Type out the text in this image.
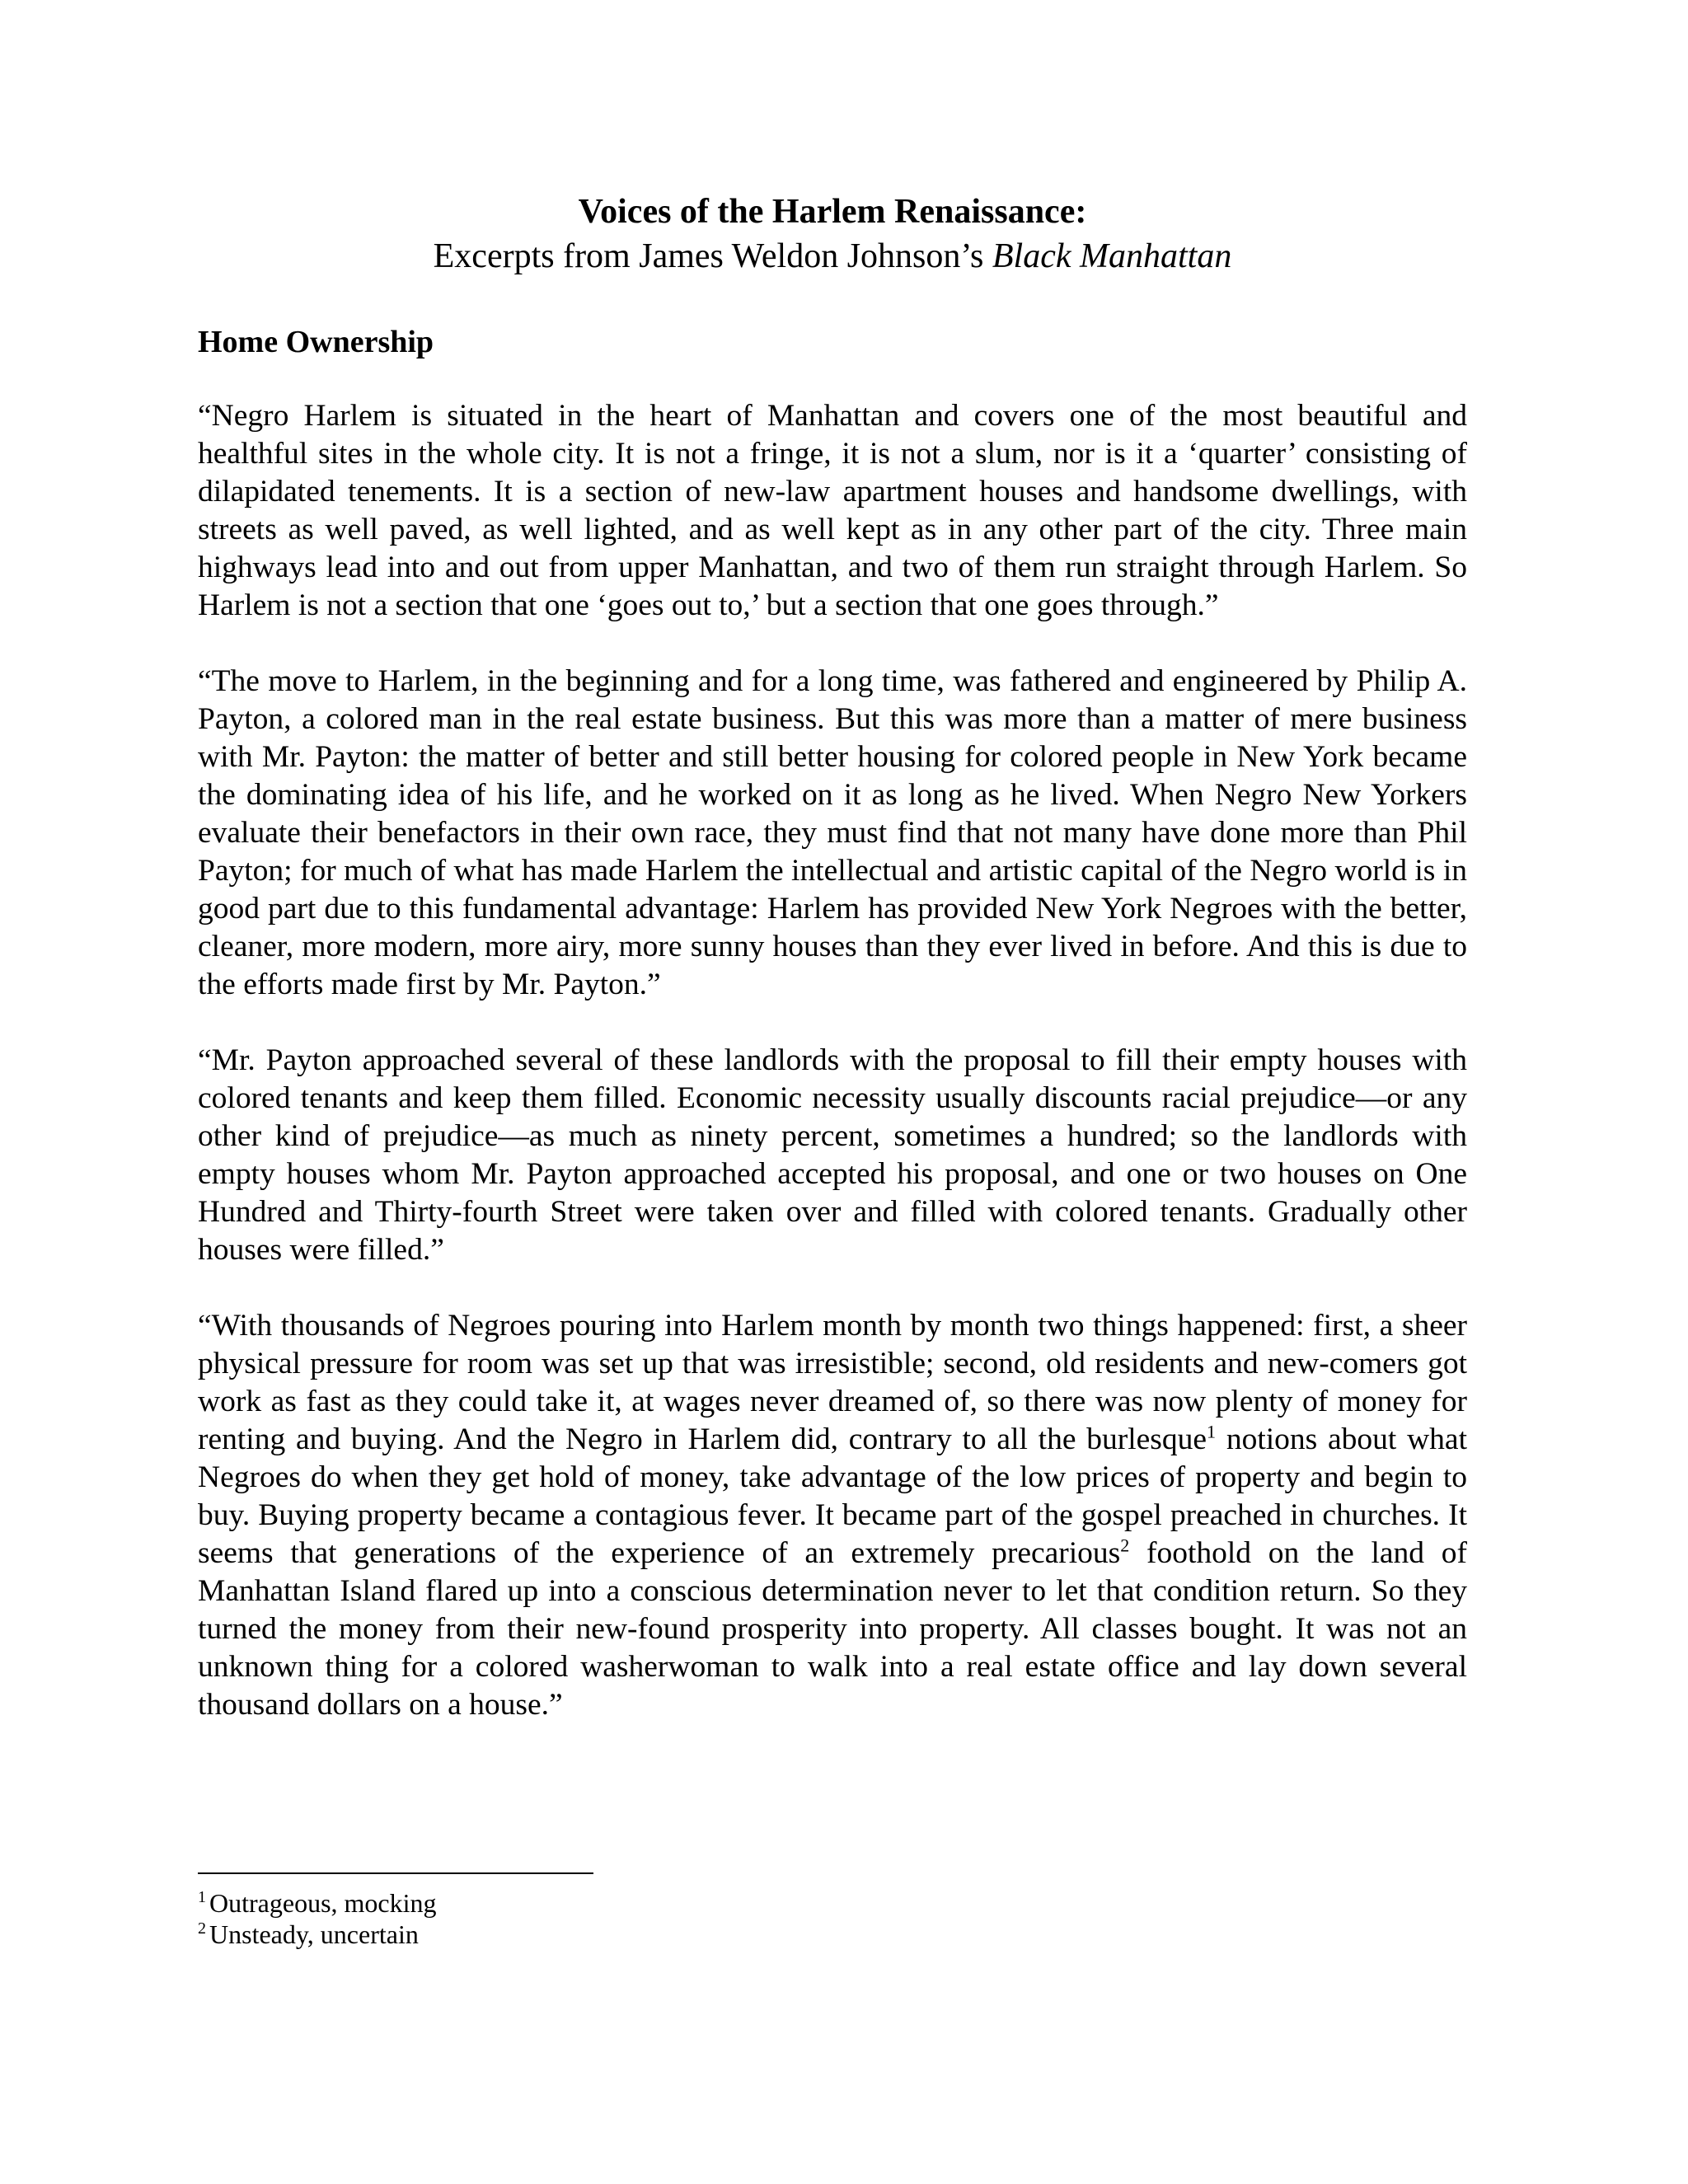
Voices of the Harlem Renaissance:
Excerpts from James Weldon Johnson’s Black Manhattan
Home Ownership

“Negro Harlem is situated in the heart of Manhattan and covers one of the most beautiful and healthful sites in the whole city. It is not a fringe, it is not a slum, nor is it a ‘quarter’ consisting of dilapidated tenements. It is a section of new-law apartment houses and handsome dwellings, with streets as well paved, as well lighted, and as well kept as in any other part of the city. Three main highways lead into and out from upper Manhattan, and two of them run straight through Harlem. So Harlem is not a section that one ‘goes out to,’ but a section that one goes through.”

“The move to Harlem, in the beginning and for a long time, was fathered and engineered by Philip A. Payton, a colored man in the real estate business. But this was more than a matter of mere business with Mr. Payton: the matter of better and still better housing for colored people in New York became the dominating idea of his life, and he worked on it as long as he lived. When Negro New Yorkers evaluate their benefactors in their own race, they must find that not many have done more than Phil Payton; for much of what has made Harlem the intellectual and artistic capital of the Negro world is in good part due to this fundamental advantage: Harlem has provided New York Negroes with the better, cleaner, more modern, more airy, more sunny houses than they ever lived in before. And this is due to the efforts made first by Mr. Payton.”

“Mr. Payton approached several of these landlords with the proposal to fill their empty houses with colored tenants and keep them filled. Economic necessity usually discounts racial prejudice—or any other kind of prejudice—as much as ninety percent, sometimes a hundred; so the landlords with empty houses whom Mr. Payton approached accepted his proposal, and one or two houses on One Hundred and Thirty-fourth Street were taken over and filled with colored tenants. Gradually other houses were filled.”

“With thousands of Negroes pouring into Harlem month by month two things happened: first, a sheer physical pressure for room was set up that was irresistible; second, old residents and new-comers got work as fast as they could take it, at wages never dreamed of, so there was now plenty of money for renting and buying. And the Negro in Harlem did, contrary to all the burlesque$^1$ notions about what Negroes do when they get hold of money, take advantage of the low prices of property and begin to buy. Buying property became a contagious fever. It became part of the gospel preached in churches. It seems that generations of the experience of an extremely precarious$^2$ foothold on the land of Manhattan Island flared up into a conscious determination never to let that condition return. So they turned the money from their new-found prosperity into property. All classes bought. It was not an unknown thing for a colored washerwoman to walk into a real estate office and lay down several thousand dollars on a house.”

$^1$ Outrageous, mocking
$^2$ Unsteady, uncertain
